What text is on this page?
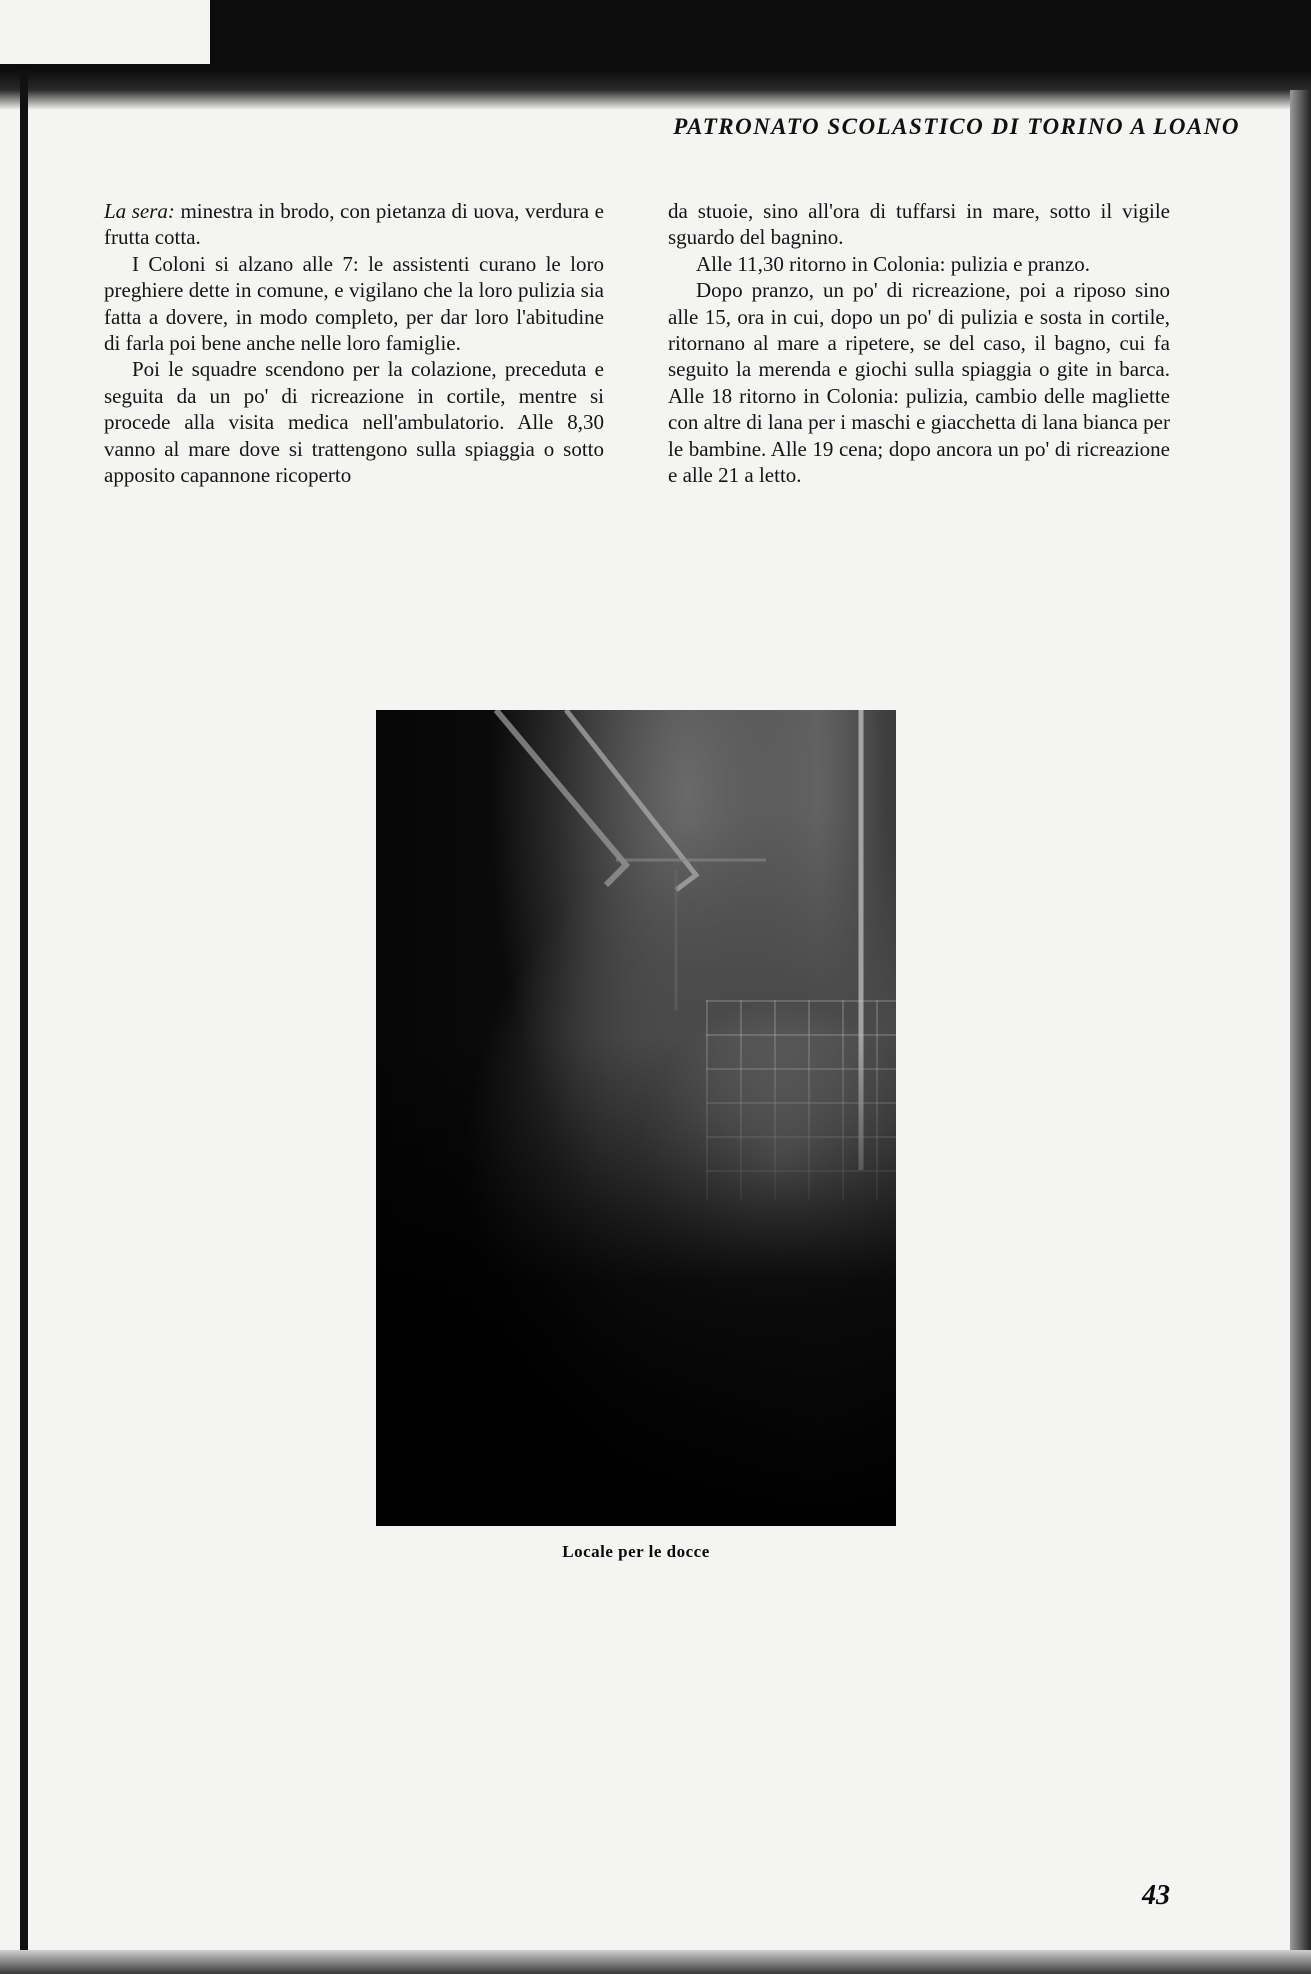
PATRONATO SCOLASTICO DI TORINO A LOANO

La sera: minestra in brodo, con pietanza di uova, verdura e frutta cotta.

I Coloni si alzano alle 7: le assistenti curano le loro preghiere dette in comune, e vigilano che la loro pulizia sia fatta a dovere, in modo completo, per dar loro l'abitudine di farla poi bene anche nelle loro famiglie.

Poi le squadre scendono per la colazione, preceduta e seguita da un po' di ricreazione in cortile, mentre si procede alla visita medica nell'ambulatorio. Alle 8,30 vanno al mare dove si trattengono sulla spiaggia o sotto apposito capannone ricoperto

da stuoie, sino all'ora di tuffarsi in mare, sotto il vigile sguardo del bagnino.

Alle 11,30 ritorno in Colonia: pulizia e pranzo.

Dopo pranzo, un po' di ricreazione, poi a riposo sino alle 15, ora in cui, dopo un po' di pulizia e sosta in cortile, ritornano al mare a ripetere, se del caso, il bagno, cui fa seguito la merenda e giochi sulla spiaggia o gite in barca. Alle 18 ritorno in Colonia: pulizia, cambio delle magliette con altre di lana per i maschi e giacchetta di lana bianca per le bambine. Alle 19 cena; dopo ancora un po' di ricreazione e alle 21 a letto.

Locale per le docce
43
